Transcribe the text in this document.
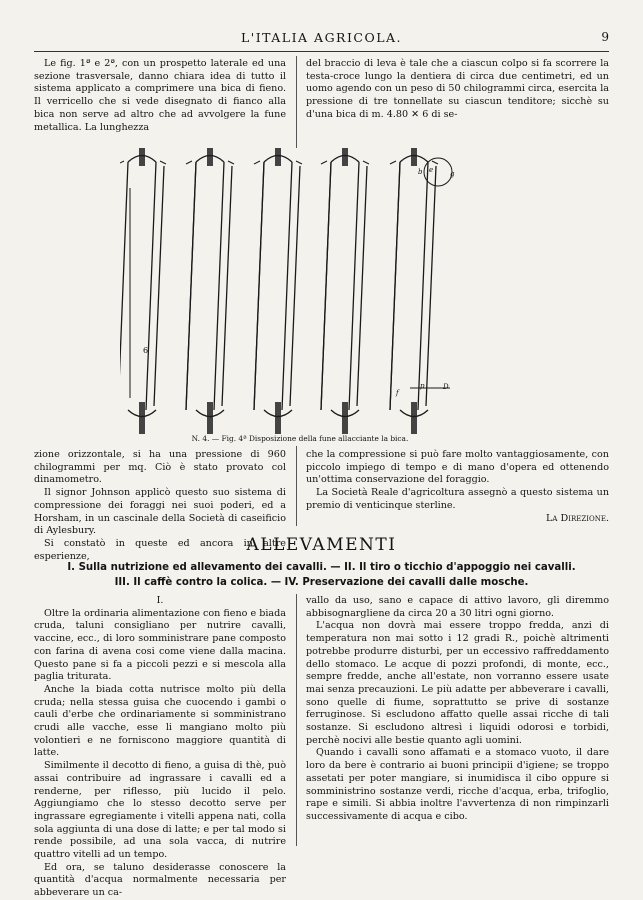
L'ITALIA AGRICOLA.	9

Le fig. 1ª e 2ª, con un prospetto laterale ed una sezione trasversale, danno chiara idea di tutto il sistema applicato a comprimere una bica di fieno. Il verricello che si vede disegnato di fianco alla bica non serve ad altro che ad avvolgere la fune metallica. La lunghezza

del braccio di leva è tale che a ciascun colpo si fa scorrere la testa-croce lungo la dentiera di circa due centimetri, ed un uomo agendo con un peso di 50 chilogrammi circa, esercita la pressione di tre tonnellate su ciascun tenditore; sicchè su d'una bica di m. 4.80 ✕ 6 di se-

6
b e g
f
p	D
N. 4. — Fig. 4ª Disposizione della fune allacciante la bica.

zione orizzontale, si ha una pressione di 960 chilogrammi per mq. Ciò è stato provato col dinamometro.

Il signor Johnson applicò questo suo sistema di compressione dei foraggi nei suoi poderi, ed a Horsham, in un cascinale della Società di caseificio di Aylesbury.

Si constatò in queste ed ancora in altre esperienze,

che la compressione si può fare molto vantaggiosamente, con piccolo impiego di tempo e di mano d'opera ed ottenendo un'ottima conservazione del foraggio.

La Società Reale d'agricoltura assegnò a questo sistema un premio di venticinque sterline.

La Direzione.
ALLEVAMENTI
I. Sulla nutrizione ed allevamento dei cavalli. — II. Il tiro o ticchio d'appoggio nei cavalli.
III. Il caffè contro la colica. — IV. Preservazione dei cavalli dalle mosche.

I.

Oltre la ordinaria alimentazione con fieno e biada cruda, taluni consigliano per nutrire cavalli, vaccine, ecc., di loro somministrare pane composto con farina di avena cosi come viene dalla macina. Questo pane si fa a piccoli pezzi e si mescola alla paglia triturata.

Anche la biada cotta nutrisce molto più della cruda; nella stessa guisa che cuocendo i gambi o cauli d'erbe che ordinariamente si somministrano crudi alle vacche, esse li mangiano molto più volontieri e ne forniscono maggiore quantità di latte.

Similmente il decotto di fieno, a guisa di thè, può assai contribuire ad ingrassare i cavalli ed a renderne, per riflesso, più lucido il pelo. Aggiungiamo che lo stesso decotto serve per ingrassare egregiamente i vitelli appena nati, colla sola aggiunta di una dose di latte; e per tal modo si rende possibile, ad una sola vacca, di nutrire quattro vitelli ad un tempo.

Ed ora, se taluno desiderasse conoscere la quantità d'acqua normalmente necessaria per abbeverare un ca-

vallo da uso, sano e capace di attivo lavoro, gli diremmo abbisognargliene da circa 20 a 30 litri ogni giorno.

L'acqua non dovrà mai essere troppo fredda, anzi di temperatura non mai sotto i 12 gradi R., poichè altrimenti potrebbe produrre disturbi, per un eccessivo raffreddamento dello stomaco. Le acque di pozzi profondi, di monte, ecc., sempre fredde, anche all'estate, non vorranno essere usate mai senza precauzioni. Le più adatte per abbeverare i cavalli, sono quelle di fiume, soprattutto se prive di sostanze ferruginose. Si escludono affatto quelle assai ricche di tali sostanze. Si escludono altresì i liquidi odorosi e torbidi, perchè nocivi alle bestie quanto agli uomini.

Quando i cavalli sono affamati e a stomaco vuoto, il dare loro da bere è contrario ai buoni principii d'igiene; se troppo assetati per poter mangiare, si inumidisca il cibo oppure si somministrino sostanze verdi, ricche d'acqua, erba, trifoglio, rape e simili. Si abbia inoltre l'avvertenza di non rimpinzarli successivamente di acqua e cibo.
